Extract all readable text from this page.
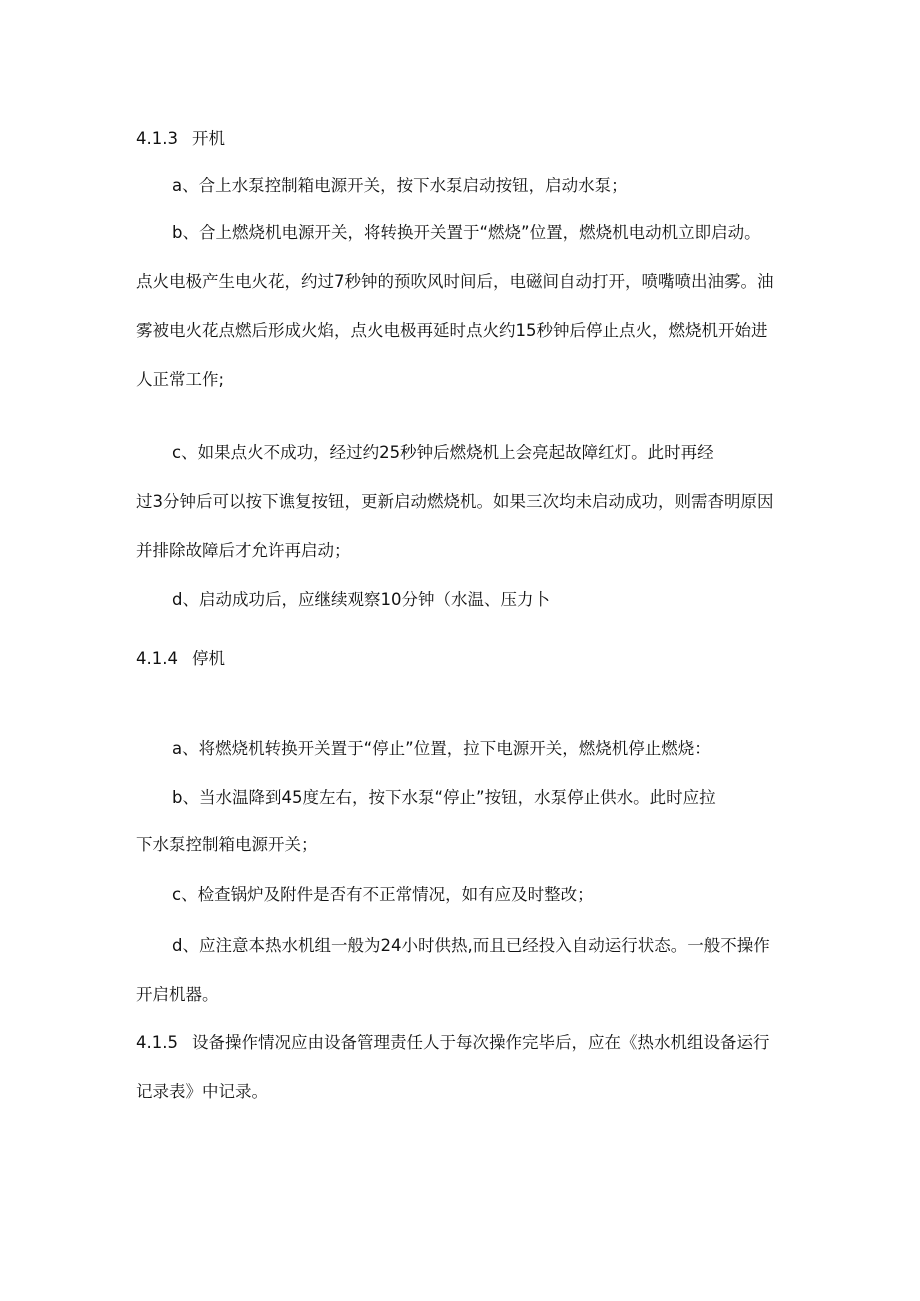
4.1.3 开机
a、合上水泵控制箱电源开关，按下水泵启动按钮，启动水泵；
b、合上燃烧机电源开关，将转换开关置于“燃烧”位置，燃烧机电动机立即启动。
点火电极产生电火花，约过7秒钟的预吹风时间后，电磁间自动打开，喷嘴喷出油雾。油
雾被电火花点燃后形成火焰，点火电极再延时点火约15秒钟后停止点火，燃烧机开始进
人正常工作;
c、如果点火不成功，经过约25秒钟后燃烧机上会亮起故障红灯。此时再经
过3分钟后可以按下谯复按钮，更新启动燃烧机。如果三次均未启动成功，则需杳明原因
并排除故障后才允许再启动；
d、启动成功后，应继续观察10分钟（水温、压力卜
4.1.4 停机
a、将燃烧机转换开关置于“停止”位置，拉下电源开关，燃烧机停止燃烧：
b、当水温降到45度左右，按下水泵“停止”按钮，水泵停止供水。此时应拉
下水泵控制箱电源开关；
c、检查锅炉及附件是否有不正常情况，如有应及时整改；
d、应注意本热水机组一般为24小时供热,而且已经投入自动运行状态。一般不操作
开启机器。
4.1.5 设备操作情况应由设备管理责任人于每次操作完毕后，应在《热水机组设备运行
记录表》中记录。
